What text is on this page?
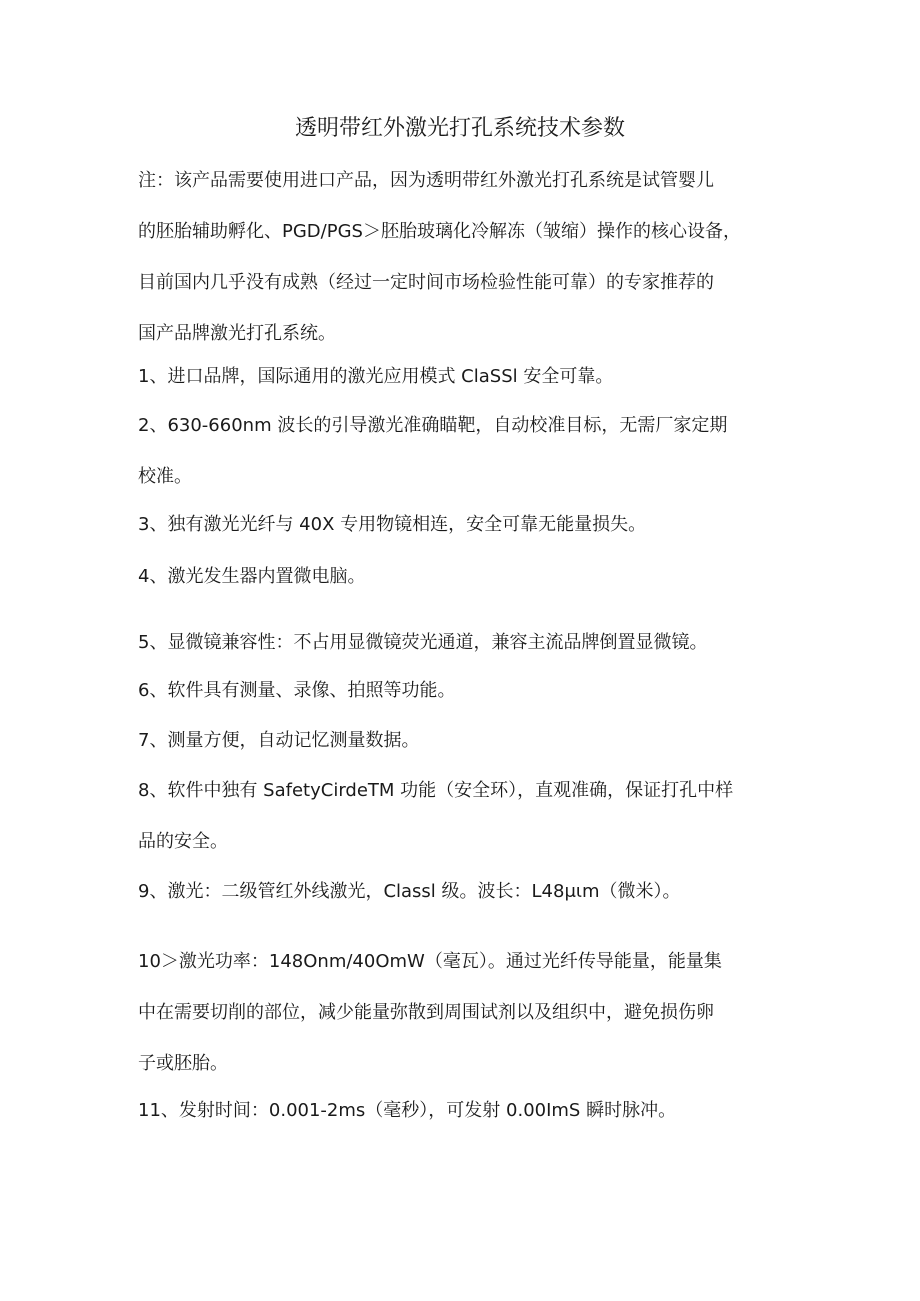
透明带红外激光打孔系统技术参数
注：该产品需要使用进口产品，因为透明带红外激光打孔系统是试管婴儿
的胚胎辅助孵化、PGD/PGS＞胚胎玻璃化冷解冻（皱缩）操作的核心设备，
目前国内几乎没有成熟（经过一定时间市场检验性能可靠）的专家推荐的
国产品牌激光打孔系统。
1、进口品牌，国际通用的激光应用模式 ClaSSl 安全可靠。
2、630-660nm 波长的引导激光准确瞄靶，自动校准目标，无需厂家定期
校准。
3、独有激光光纤与 40X 专用物镜相连，安全可靠无能量损失。
4、激光发生器内置微电脑。
5、显微镜兼容性：不占用显微镜荧光通道，兼容主流品牌倒置显微镜。
6、软件具有测量、录像、拍照等功能。
7、测量方便，自动记忆测量数据。
8、软件中独有 SafetyCirdeTM 功能（安全环），直观准确，保证打孔中样
品的安全。
9、激光：二级管红外线激光，Classl 级。波长：L48μιm（微米）。
10＞激光功率：148Onm/40OmW（毫瓦）。通过光纤传导能量，能量集
中在需要切削的部位，减少能量弥散到周围试剂以及组织中，避免损伤卵
子或胚胎。
11、发射时间：0.001-2ms（毫秒），可发射 0.00ImS 瞬时脉冲。
